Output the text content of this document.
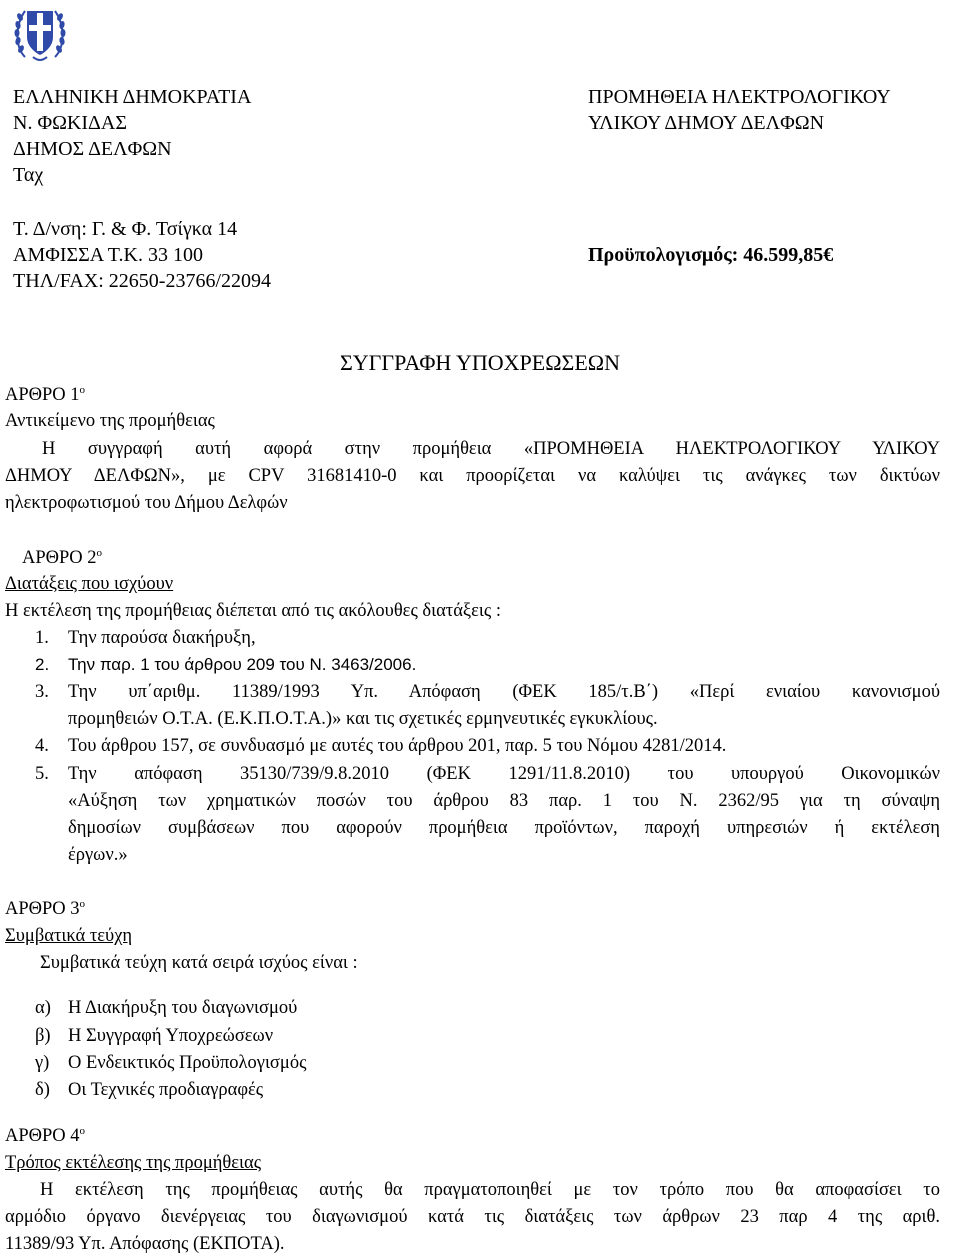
ΕΛΛΗΝΙΚΗ ΔΗΜΟΚΡΑΤΙΑ
Ν. ΦΩΚΙΔΑΣ
ΔΗΜΟΣ ΔΕΛΦΩΝ
Ταχ
Τ. Δ/νση: Γ. & Φ. Τσίγκα 14
ΑΜΦΙΣΣΑ Τ.Κ. 33 100
ΤΗΛ/FAX: 22650-23766/22094
ΠΡΟΜΗΘΕΙΑ ΗΛΕΚΤΡΟΛΟΓΙΚΟΥ
ΥΛΙΚΟΥ ΔΗΜΟΥ ΔΕΛΦΩΝ
Προϋπολογισμός: 46.599,85€
ΣΥΓΓΡΑΦΗ ΥΠΟΧΡΕΩΣΕΩΝ
ΑΡΘΡΟ $1^o$
Αντικείμενο της προμήθειας
Η συγγραφή αυτή αφορά στην προμήθεια «ΠΡΟΜΗΘΕΙΑ ΗΛΕΚΤΡΟΛΟΓΙΚΟΥ ΥΛΙΚΟΥ
ΔΗΜΟΥ ΔΕΛΦΩΝ», με CPV 31681410-0 και προορίζεται να καλύψει τις ανάγκες των δικτύων
ηλεκτροφωτισμού του Δήμου Δελφών
ΑΡΘΡΟ $2^o$
Διατάξεις που ισχύουν
Η εκτέλεση της προμήθειας διέπεται από τις ακόλουθες διατάξεις :
1. Την παρούσα διακήρυξη,
2. Την παρ. 1 του άρθρου 209 του Ν. 3463/2006.
3. Την υπ΄αριθμ. 11389/1993 Υπ. Απόφαση (ΦΕΚ 185/τ.Β΄) «Περί ενιαίου κανονισμού
προμηθειών Ο.Τ.Α. (Ε.Κ.Π.Ο.Τ.Α.)» και τις σχετικές ερμηνευτικές εγκυκλίους.
4. Του άρθρου 157, σε συνδυασμό με αυτές του άρθρου 201, παρ. 5 του Νόμου 4281/2014.
5. Την απόφαση 35130/739/9.8.2010 (ΦΕΚ 1291/11.8.2010) του υπουργού Οικονομικών
«Αύξηση των χρηματικών ποσών του άρθρου 83 παρ. 1 του Ν. 2362/95 για τη σύναψη
δημοσίων συμβάσεων που αφορούν προμήθεια προϊόντων, παροχή υπηρεσιών ή εκτέλεση
έργων.»
ΑΡΘΡΟ $3^o$
Συμβατικά τεύχη
Συμβατικά τεύχη κατά σειρά ισχύος είναι :
α) Η Διακήρυξη του διαγωνισμού
β) Η Συγγραφή Υποχρεώσεων
γ) Ο Ενδεικτικός Προϋπολογισμός
δ) Οι Τεχνικές προδιαγραφές
ΑΡΘΡΟ $4^o$
Τρόπος εκτέλεσης της προμήθειας
Η εκτέλεση της προμήθειας αυτής θα πραγματοποιηθεί με τον τρόπο που θα αποφασίσει το
αρμόδιο όργανο διενέργειας του διαγωνισμού κατά τις διατάξεις των άρθρων 23 παρ 4 της αριθ.
11389/93 Υπ. Απόφασης (ΕΚΠΟΤΑ).
